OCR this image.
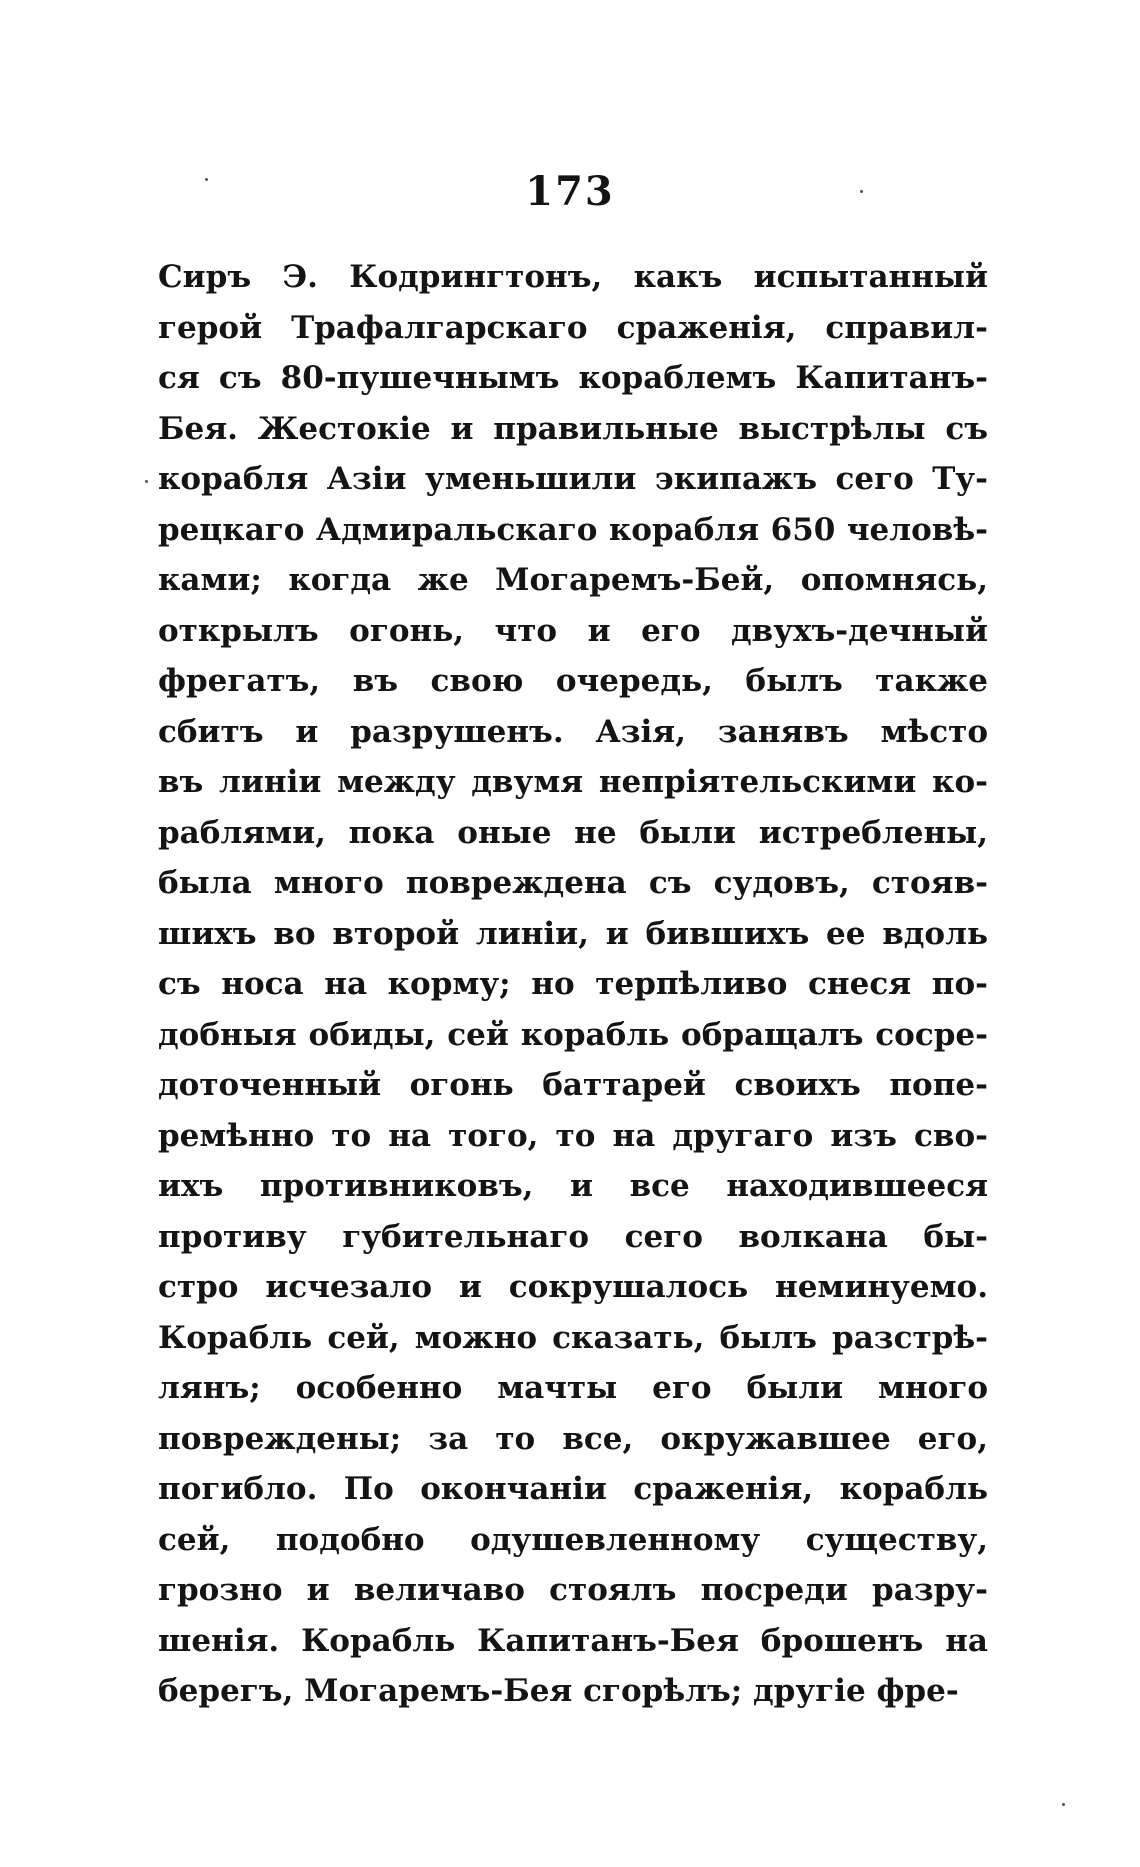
173
Сиръ Э. Кодрингтонъ, какъ испытанный
герой Трафалгарскаго сраженія, справил-
ся съ 80-пушечнымъ кораблемъ Капитанъ-
Бея. Жестокіе и правильные выстрѣлы съ
корабля Азіи уменьшили экипажъ сего Ту-
рецкаго Адмиральскаго корабля 650 человѣ-
ками; когда же Могаремъ-Бей, опомнясь,
открылъ огонь, что и его двухъ-дечный
фрегатъ, въ свою очередь, былъ также
сбитъ и разрушенъ. Азія, занявъ мѣсто
въ линіи между двумя непріятельскими ко-
раблями, пока оные не были истреблены,
была много повреждена съ судовъ, стояв-
шихъ во второй линіи, и бившихъ ее вдоль
съ носа на корму; но терпѣливо снеся по-
добныя обиды, сей корабль обращалъ сосре-
доточенный огонь баттарей своихъ попе-
ремѣнно то на того, то на другаго изъ сво-
ихъ противниковъ, и все находившееся
противу губительнаго сего волкана бы-
стро исчезало и сокрушалось неминуемо.
Корабль сей, можно сказать, былъ разстрѣ-
лянъ; особенно мачты его были много
повреждены; за то все, окружавшее его,
погибло. По окончаніи сраженія, корабль
сей, подобно одушевленному существу,
грозно и величаво стоялъ посреди разру-
шенія. Корабль Капитанъ-Бея брошенъ на
берегъ, Могаремъ-Бея сгорѣлъ; другіе фре-
